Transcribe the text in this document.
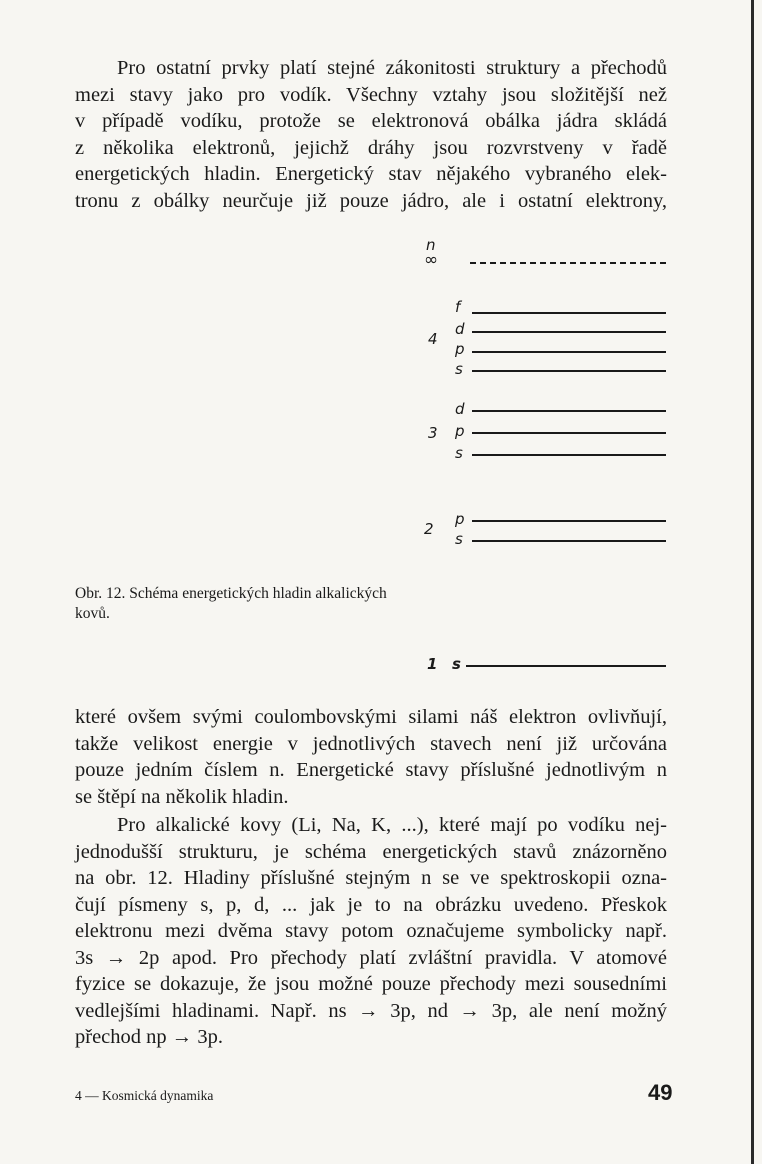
Pro ostatní prvky platí stejné zákonitosti struktury a přechodů
mezi stavy jako pro vodík. Všechny vztahy jsou složitější než
v případě vodíku, protože se elektronová obálka jádra skládá
z několika elektronů, jejichž dráhy jsou rozvrstveny v řadě
energetických hladin. Energetický stav nějakého vybraného elek-
tronu z obálky neurčuje již pouze jádro, ale i ostatní elektrony,
n
∞
f
d
4
p
s
d
3 p
s
p
2
s
1 s

Obr. 12. Schéma energetických hladin alkalických kovů.

které ovšem svými coulombovskými silami náš elektron ovlivňují,
takže velikost energie v jednotlivých stavech není již určována
pouze jedním číslem n. Energetické stavy příslušné jednotlivým n
se štěpí na několik hladin.
Pro alkalické kovy (Li, Na, K, ...), které mají po vodíku nej-
jednodušší strukturu, je schéma energetických stavů znázorněno
na obr. 12. Hladiny příslušné stejným n se ve spektroskopii ozna-
čují písmeny s, p, d, ... jak je to na obrázku uvedeno. Přeskok
elektronu mezi dvěma stavy potom označujeme symbolicky např.
3s → 2p apod. Pro přechody platí zvláštní pravidla. V atomové
fyzice se dokazuje, že jsou možné pouze přechody mezi sousedními
vedlejšími hladinami. Např. ns → 3p, nd → 3p, ale není možný
přechod np → 3p.
4 — Kosmická dynamika	49
